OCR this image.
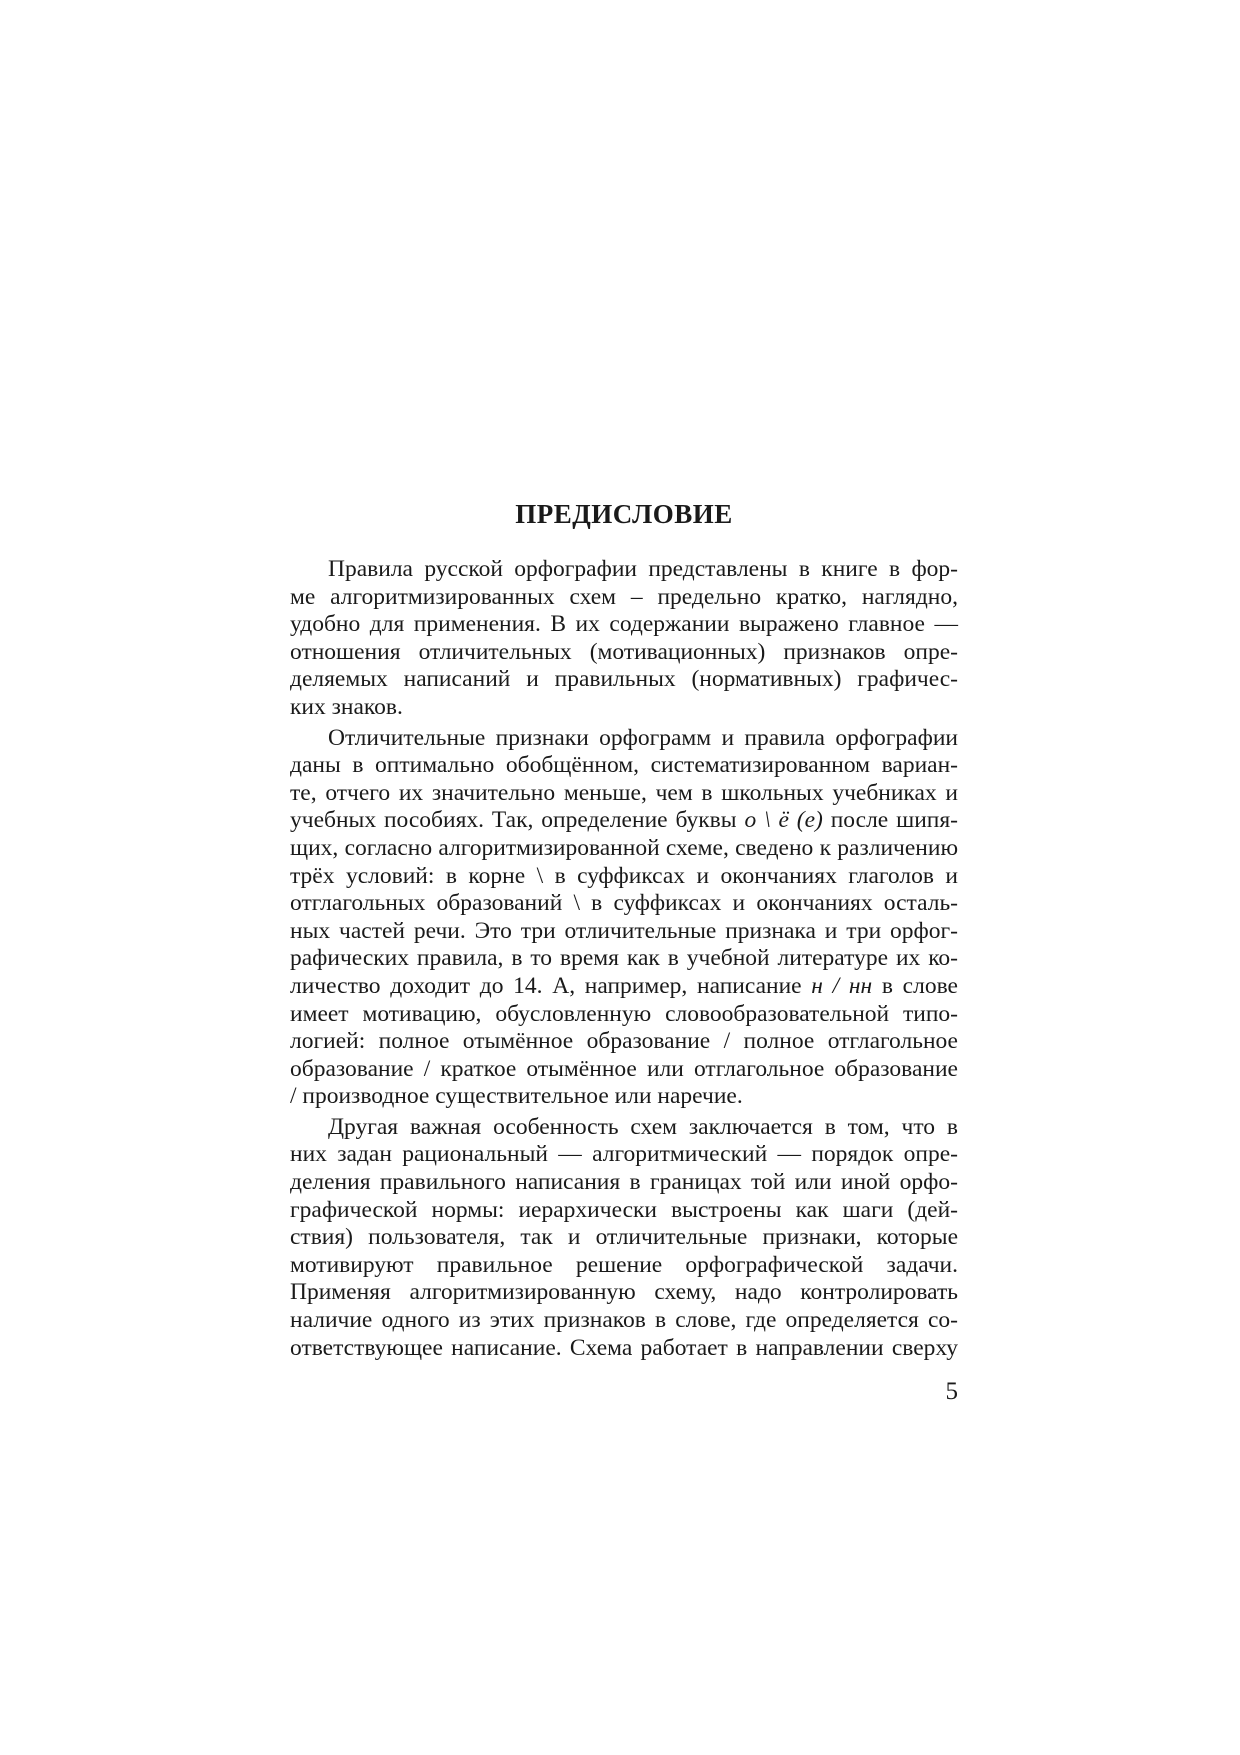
ПРЕДИСЛОВИЕ
Правила русской орфографии представлены в книге в фор-
ме алгоритмизированных схем – предельно кратко, наглядно,
удобно для применения. В их содержании выражено главное —
отношения отличительных (мотивационных) признаков опре-
деляемых написаний и правильных (нормативных) графичес-
ких знаков.
Отличительные признаки орфограмм и правила орфографии
даны в оптимально обобщённом, систематизированном вариан-
те, отчего их значительно меньше, чем в школьных учебниках и
учебных пособиях. Так, определение буквы о \ ё (е) после шипя-
щих, согласно алгоритмизированной схеме, сведено к различению
трёх условий: в корне \ в суффиксах и окончаниях глаголов и
отглагольных образований \ в суффиксах и окончаниях осталь-
ных частей речи. Это три отличительные признака и три орфог-
рафических правила, в то время как в учебной литературе их ко-
личество доходит до 14. А, например, написание н / нн в слове
имеет мотивацию, обусловленную словообразовательной типо-
логией: полное отымённое образование / полное отглагольное
образование / краткое отымённое или отглагольное образование
/ производное существительное или наречие.
Другая важная особенность схем заключается в том, что в
них задан рациональный — алгоритмический — порядок опре-
деления правильного написания в границах той или иной орфо-
графической нормы: иерархически выстроены как шаги (дей-
ствия) пользователя, так и отличительные признаки, которые
мотивируют правильное решение орфографической задачи.
Применяя алгоритмизированную схему, надо контролировать
наличие одного из этих признаков в слове, где определяется со-
ответствующее написание. Схема работает в направлении сверху
5
